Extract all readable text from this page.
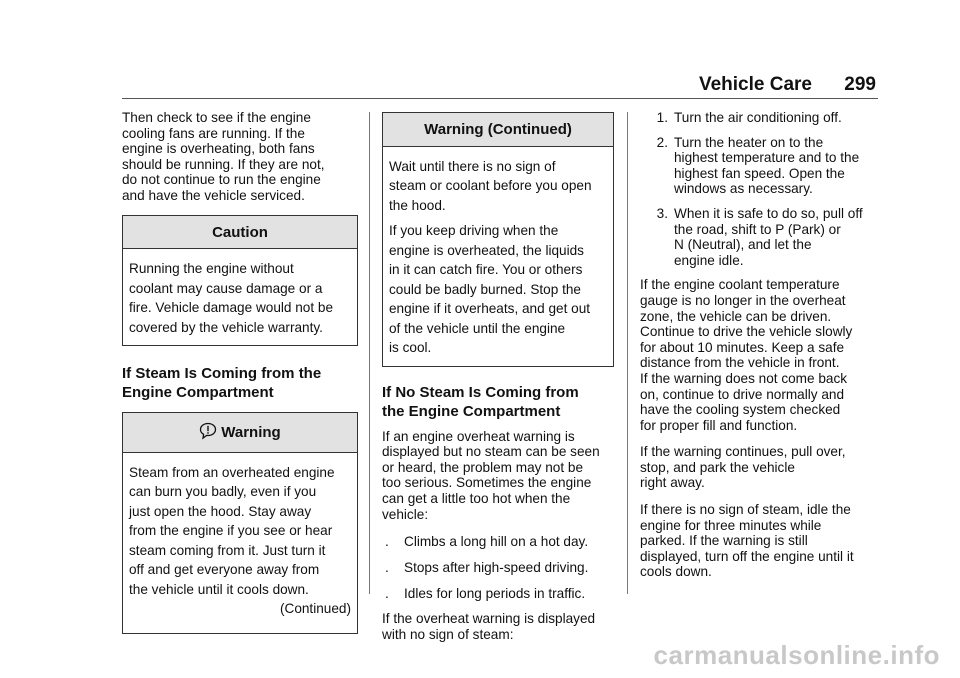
Vehicle Care 299

Then check to see if the engine
cooling fans are running. If the
engine is overheating, both fans
should be running. If they are not,
do not continue to run the engine
and have the vehicle serviced.

Caution

Running the engine without
coolant may cause damage or a
fire. Vehicle damage would not be
covered by the vehicle warranty.

If Steam Is Coming from the
Engine Compartment
Warning

Steam from an overheated engine
can burn you badly, even if you
just open the hood. Stay away
from the engine if you see or hear
steam coming from it. Just turn it
off and get everyone away from
the vehicle until it cools down.

(Continued)

Warning (Continued)

Wait until there is no sign of
steam or coolant before you open
the hood.

If you keep driving when the
engine is overheated, the liquids
in it can catch fire. You or others
could be badly burned. Stop the
engine if it overheats, and get out
of the vehicle until the engine
is cool.

If No Steam Is Coming from
the Engine Compartment

If an engine overheat warning is
displayed but no steam can be seen
or heard, the problem may not be
too serious. Sometimes the engine
can get a little too hot when the
vehicle:

. Climbs a long hill on a hot day.
. Stops after high-speed driving.
. Idles for long periods in traffic.

If the overheat warning is displayed
with no sign of steam:

1. Turn the air conditioning off.
2. Turn the heater on to the
highest temperature and to the
highest fan speed. Open the
windows as necessary.
3. When it is safe to do so, pull off
the road, shift to P (Park) or
N (Neutral), and let the
engine idle.

If the engine coolant temperature
gauge is no longer in the overheat
zone, the vehicle can be driven.
Continue to drive the vehicle slowly
for about 10 minutes. Keep a safe
distance from the vehicle in front.
If the warning does not come back
on, continue to drive normally and
have the cooling system checked
for proper fill and function.

If the warning continues, pull over,
stop, and park the vehicle
right away.

If there is no sign of steam, idle the
engine for three minutes while
parked. If the warning is still
displayed, turn off the engine until it
cools down.

carmanualsonline.info
